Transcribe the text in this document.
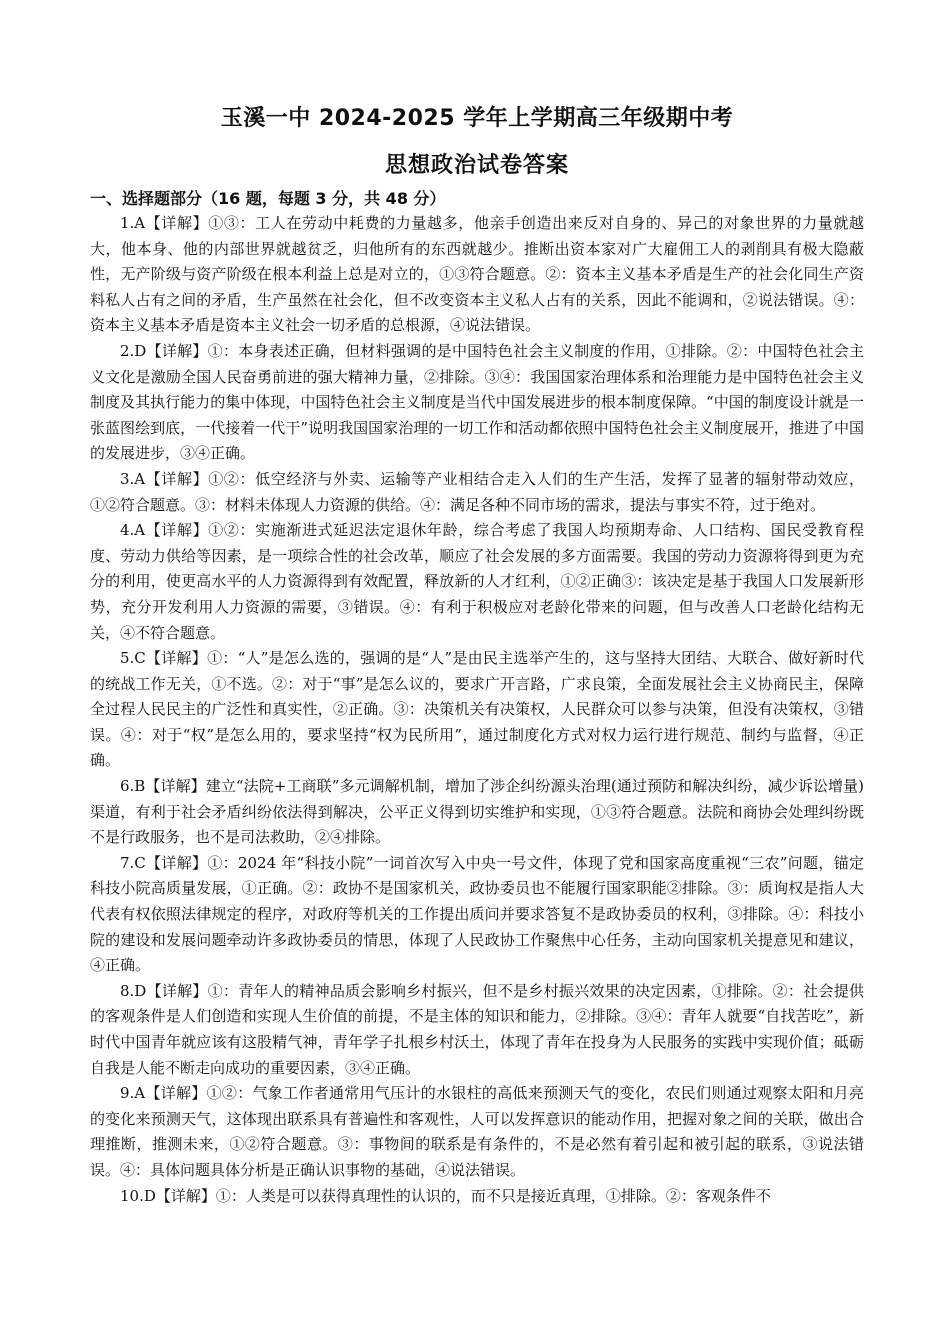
玉溪一中 2024-2025 学年上学期高三年级期中考
思想政治试卷答案
一、选择题部分（16 题，每题 3 分，共 48 分）

1.A【详解】①③：工人在劳动中耗费的力量越多，他亲手创造出来反对自身的、异己的对象世界的力量就越大，他本身、他的内部世界就越贫乏，归他所有的东西就越少。推断出资本家对广大雇佣工人的剥削具有极大隐蔽性，无产阶级与资产阶级在根本利益上总是对立的，①③符合题意。②：资本主义基本矛盾是生产的社会化同生产资料私人占有之间的矛盾，生产虽然在社会化，但不改变资本主义私人占有的关系，因此不能调和，②说法错误。④：资本主义基本矛盾是资本主义社会一切矛盾的总根源，④说法错误。

2.D【详解】①：本身表述正确，但材料强调的是中国特色社会主义制度的作用，①排除。②：中国特色社会主义文化是激励全国人民奋勇前进的强大精神力量，②排除。③④：我国国家治理体系和治理能力是中国特色社会主义制度及其执行能力的集中体现，中国特色社会主义制度是当代中国发展进步的根本制度保障。“中国的制度设计就是一张蓝图绘到底，一代接着一代干”说明我国国家治理的一切工作和活动都依照中国特色社会主义制度展开，推进了中国的发展进步，③④正确。

3.A【详解】①②：低空经济与外卖、运输等产业相结合走入人们的生产生活，发挥了显著的辐射带动效应，①②符合题意。③：材料未体现人力资源的供给。④：满足各种不同市场的需求，提法与事实不符，过于绝对。

4.A【详解】①②：实施渐进式延迟法定退休年龄，综合考虑了我国人均预期寿命、人口结构、国民受教育程度、劳动力供给等因素，是一项综合性的社会改革，顺应了社会发展的多方面需要。我国的劳动力资源将得到更为充分的利用，使更高水平的人力资源得到有效配置，释放新的人才红利，①②正确③：该决定是基于我国人口发展新形势，充分开发利用人力资源的需要，③错误。④：有利于积极应对老龄化带来的问题，但与改善人口老龄化结构无关，④不符合题意。

5.C【详解】①：“人”是怎么选的，强调的是“人”是由民主选举产生的，这与坚持大团结、大联合、做好新时代的统战工作无关，①不选。②：对于“事”是怎么议的，要求广开言路，广求良策，全面发展社会主义协商民主，保障全过程人民民主的广泛性和真实性，②正确。③：决策机关有决策权，人民群众可以参与决策，但没有决策权，③错误。④：对于“权”是怎么用的，要求坚持“权为民所用”，通过制度化方式对权力运行进行规范、制约与监督，④正确。

6.B【详解】建立“法院+工商联”多元调解机制，增加了涉企纠纷源头治理(通过预防和解决纠纷，减少诉讼增量)渠道，有利于社会矛盾纠纷依法得到解决，公平正义得到切实维护和实现，①③符合题意。法院和商协会处理纠纷既不是行政服务，也不是司法救助，②④排除。

7.C【详解】①：2024 年“科技小院”一词首次写入中央一号文件，体现了党和国家高度重视“三农”问题，锚定科技小院高质量发展，①正确。②：政协不是国家机关，政协委员也不能履行国家职能②排除。③：质询权是指人大代表有权依照法律规定的程序，对政府等机关的工作提出质问并要求答复不是政协委员的权利，③排除。④：科技小院的建设和发展问题牵动许多政协委员的情思，体现了人民政协工作聚焦中心任务，主动向国家机关提意见和建议，④正确。

8.D【详解】①：青年人的精神品质会影响乡村振兴，但不是乡村振兴效果的决定因素，①排除。②：社会提供的客观条件是人们创造和实现人生价值的前提，不是主体的知识和能力，②排除。③④：青年人就要“自找苦吃”，新时代中国青年就应该有这股精气神，青年学子扎根乡村沃土，体现了青年在投身为人民服务的实践中实现价值；砥砺自我是人能不断走向成功的重要因素，③④正确。

9.A【详解】①②：气象工作者通常用气压计的水银柱的高低来预测天气的变化，农民们则通过观察太阳和月亮的变化来预测天气，这体现出联系具有普遍性和客观性，人可以发挥意识的能动作用，把握对象之间的关联，做出合理推断，推测未来，①②符合题意。③：事物间的联系是有条件的，不是必然有着引起和被引起的联系，③说法错误。④：具体问题具体分析是正确认识事物的基础，④说法错误。

10.D【详解】①：人类是可以获得真理性的认识的，而不只是接近真理，①排除。②：客观条件不
